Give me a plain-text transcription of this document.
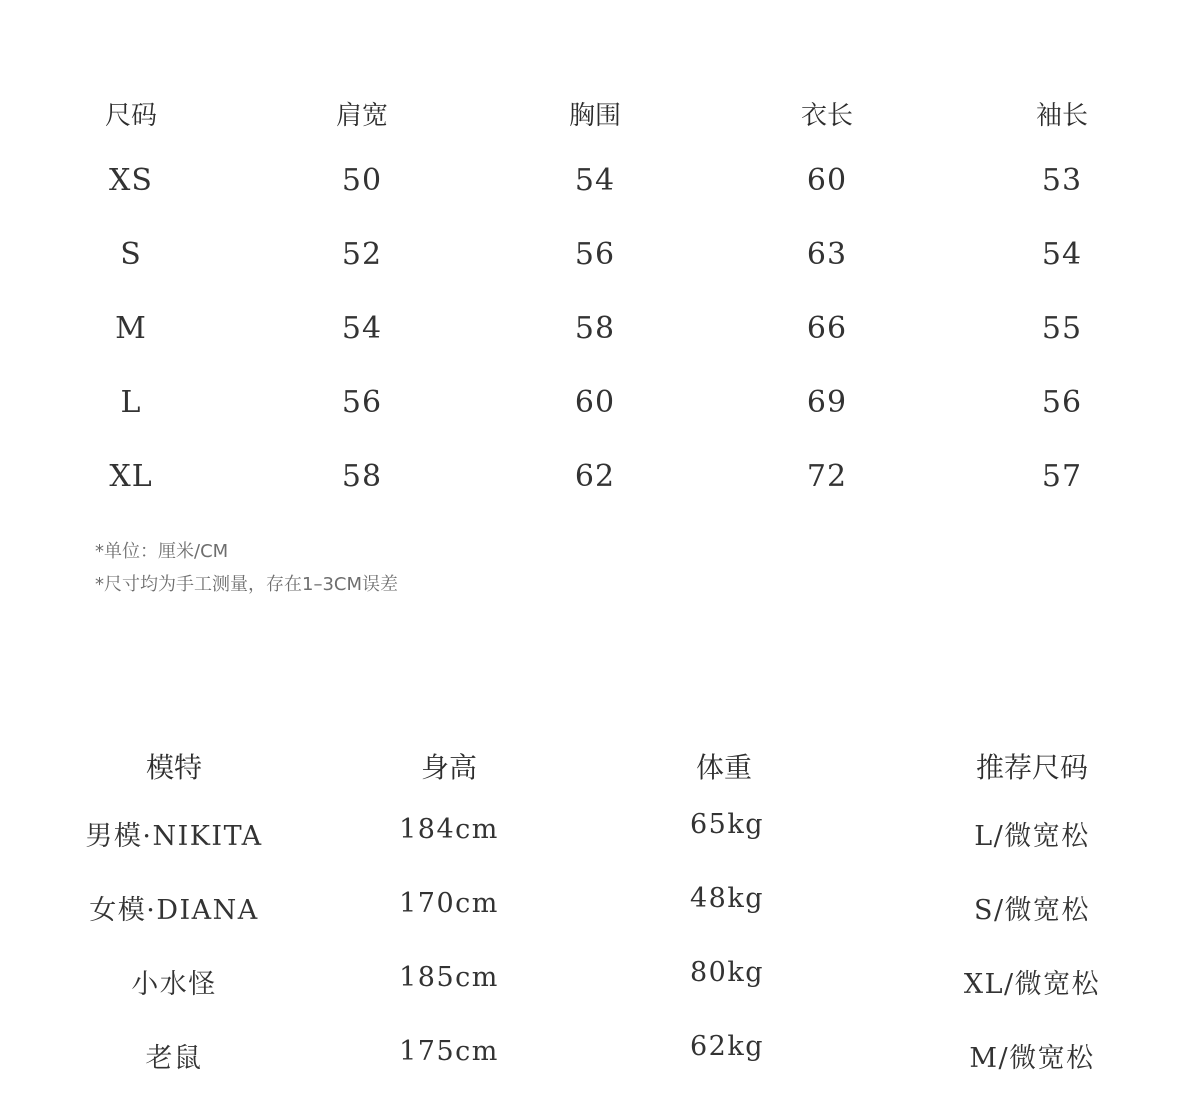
尺码	肩宽	胸围	衣长	袖长
XS	50	54	60	53
S	52	56	63	54
M	54	58	66	55
L	56	60	69	56
XL	58	62	72	57
*单位：厘米/CM
*尺寸均为手工测量，存在1–3CM误差
模特	身高	体重	推荐尺码
男模·NIKITA	184cm	65kg	L/微宽松
女模·DIANA	170cm	48kg	S/微宽松
小水怪	185cm	80kg	XL/微宽松
老鼠	175cm	62kg	M/微宽松
